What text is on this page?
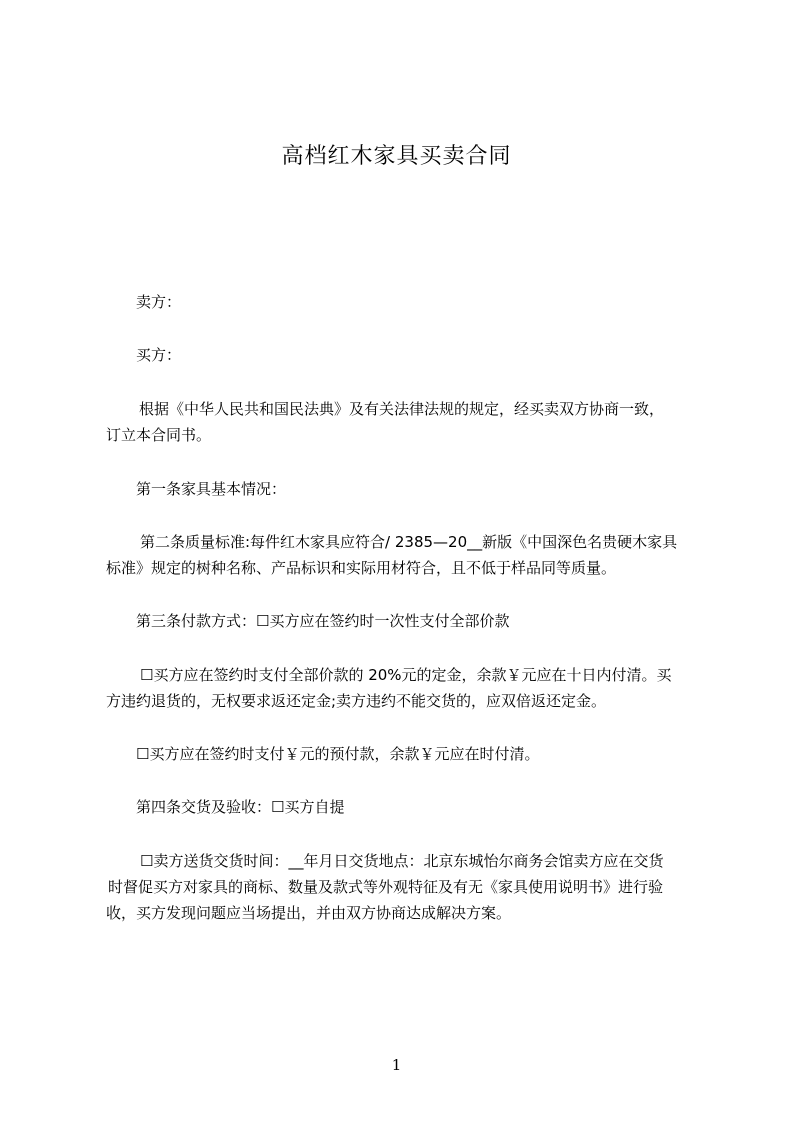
高档红木家具买卖合同
卖方：
买方：
根据《中华人民共和国民法典》及有关法律法规的规定，经买卖双方协商一致，
订立本合同书。
第一条家具基本情况：
第二条质量标准:每件红木家具应符合/ 2385—20__新版《中国深色名贵硬木家具
标准》规定的树种名称、产品标识和实际用材符合，且不低于样品同等质量。
第三条付款方式：☐买方应在签约时一次性支付全部价款
☐买方应在签约时支付全部价款的 20%元的定金，余款￥元应在十日内付清。买
方违约退货的，无权要求返还定金;卖方违约不能交货的，应双倍返还定金。
☐买方应在签约时支付￥元的预付款，余款￥元应在时付清。
第四条交货及验收：☐买方自提
☐卖方送货交货时间：__年月日交货地点：北京东城怡尔商务会馆卖方应在交货
时督促买方对家具的商标、数量及款式等外观特征及有无《家具使用说明书》进行验
收，买方发现问题应当场提出，并由双方协商达成解决方案。
1
